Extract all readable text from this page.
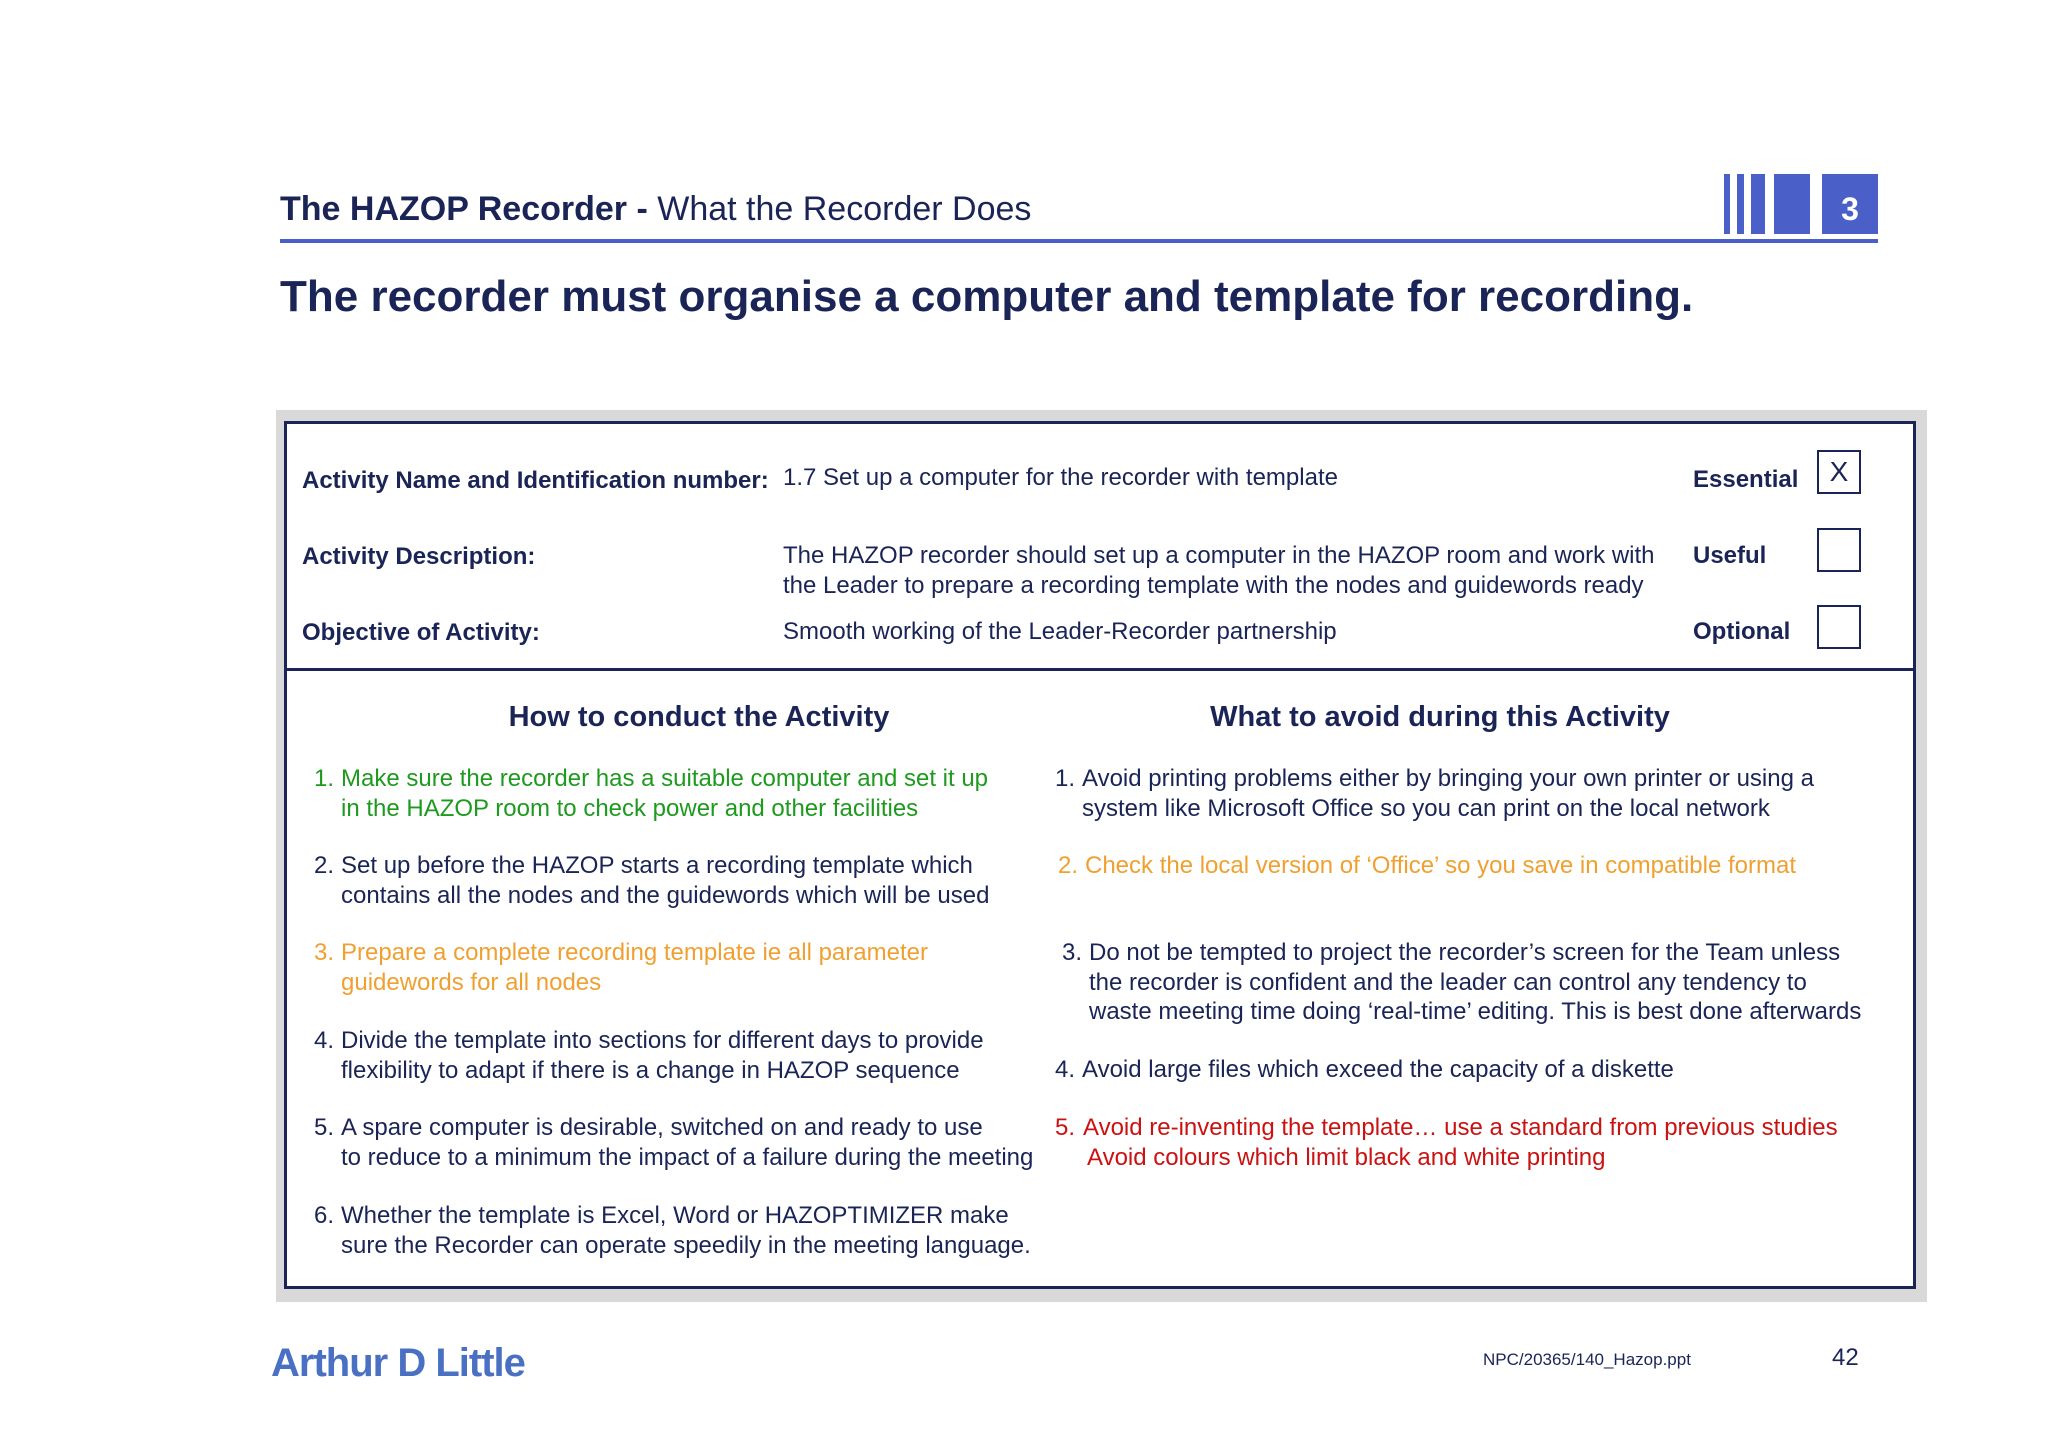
The HAZOP Recorder - What the Recorder Does	3
The recorder must organise a computer and template for recording.
Activity Name and Identification number: 1.7 Set up a computer for the recorder with template
Activity Description:	The HAZOP recorder should set up a computer in the HAZOP room and work with
the Leader to prepare a recording template with the nodes and guidewords ready
Objective of Activity:	Smooth working of the Leader-Recorder partnership
Essential	X
Useful
Optional
How to conduct the Activity	What to avoid during this Activity
1. Make sure the recorder has a suitable computer and set it up
in the HAZOP room to check power and other facilities
2. Set up before the HAZOP starts a recording template which
contains all the nodes and the guidewords which will be used
3. Prepare a complete recording template ie all parameter
guidewords for all nodes
4. Divide the template into sections for different days to provide
flexibility to adapt if there is a change in HAZOP sequence
5. A spare computer is desirable, switched on and ready to use
to reduce to a minimum the impact of a failure during the meeting
6. Whether the template is Excel, Word or HAZOPTIMIZER make
sure the Recorder can operate speedily in the meeting language.
1. Avoid printing problems either by bringing your own printer or using a
system like Microsoft Office so you can print on the local network
2. Check the local version of ‘Office’ so you save in compatible format
3. Do not be tempted to project the recorder’s screen for the Team unless
the recorder is confident and the leader can control any tendency to
waste meeting time doing ‘real-time’ editing. This is best done afterwards
4. Avoid large files which exceed the capacity of a diskette
5. Avoid re-inventing the template… use a standard from previous studies
Avoid colours which limit black and white printing
Arthur D Little	NPC/20365/140_Hazop.ppt	42
